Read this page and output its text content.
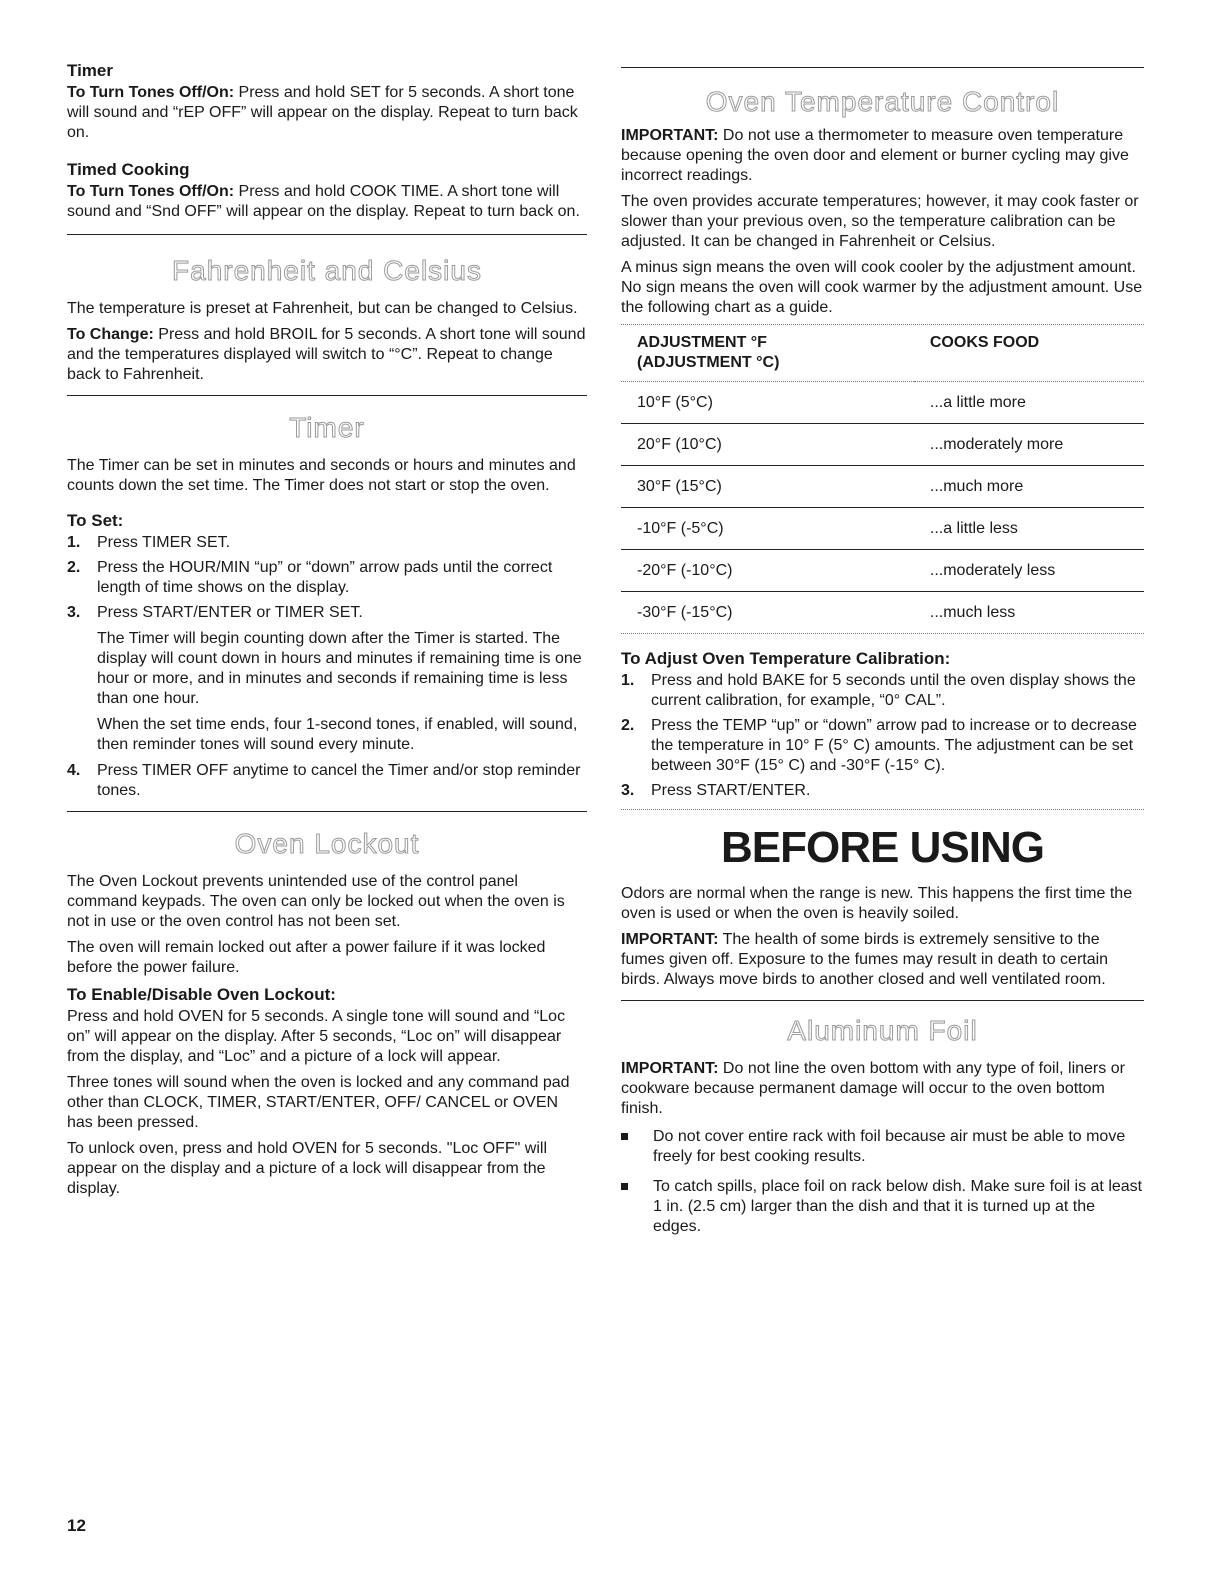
Timer

To Turn Tones Off/On: Press and hold SET for 5 seconds. A short tone will sound and “rEP OFF” will appear on the display. Repeat to turn back on.

Timed Cooking

To Turn Tones Off/On: Press and hold COOK TIME. A short tone will sound and “Snd OFF” will appear on the display. Repeat to turn back on.

Fahrenheit and Celsius

The temperature is preset at Fahrenheit, but can be changed to Celsius.

To Change: Press and hold BROIL for 5 seconds. A short tone will sound and the temperatures displayed will switch to “°C”. Repeat to change back to Fahrenheit.

Timer

The Timer can be set in minutes and seconds or hours and minutes and counts down the set time. The Timer does not start or stop the oven.

To Set:
1. Press TIMER SET.
2. Press the HOUR/MIN “up” or “down” arrow pads until the correct length of time shows on the display.
3. Press START/ENTER or TIMER SET.

The Timer will begin counting down after the Timer is started. The display will count down in hours and minutes if remaining time is one hour or more, and in minutes and seconds if remaining time is less than one hour.

When the set time ends, four 1-second tones, if enabled, will sound, then reminder tones will sound every minute.

4. Press TIMER OFF anytime to cancel the Timer and/or stop reminder tones.
Oven Lockout

The Oven Lockout prevents unintended use of the control panel command keypads. The oven can only be locked out when the oven is not in use or the oven control has not been set.

The oven will remain locked out after a power failure if it was locked before the power failure.

To Enable/Disable Oven Lockout:

Press and hold OVEN for 5 seconds. A single tone will sound and “Loc on” will appear on the display. After 5 seconds, “Loc on” will disappear from the display, and “Loc” and a picture of a lock will appear.

Three tones will sound when the oven is locked and any command pad other than CLOCK, TIMER, START/ENTER, OFF/ CANCEL or OVEN has been pressed.

To unlock oven, press and hold OVEN for 5 seconds. "Loc OFF" will appear on the display and a picture of a lock will disappear from the display.

Oven Temperature Control

IMPORTANT: Do not use a thermometer to measure oven temperature because opening the oven door and element or burner cycling may give incorrect readings.

The oven provides accurate temperatures; however, it may cook faster or slower than your previous oven, so the temperature calibration can be adjusted. It can be changed in Fahrenheit or Celsius.

A minus sign means the oven will cook cooler by the adjustment amount. No sign means the oven will cook warmer by the adjustment amount. Use the following chart as a guide.

ADJUSTMENT °F
(ADJUSTMENT °C)	COOKS FOOD
10°F (5°C)	...a little more
20°F (10°C)	...moderately more
30°F (15°C)	...much more
-10°F (-5°C)	...a little less
-20°F (-10°C)	...moderately less
-30°F (-15°C)	...much less
To Adjust Oven Temperature Calibration:
1. Press and hold BAKE for 5 seconds until the oven display shows the current calibration, for example, “0° CAL”.
2. Press the TEMP “up” or “down” arrow pad to increase or to decrease the temperature in 10° F (5° C) amounts. The adjustment can be set between 30°F (15° C) and -30°F (-15° C).
3. Press START/ENTER.
BEFORE USING

Odors are normal when the range is new. This happens the first time the oven is used or when the oven is heavily soiled.

IMPORTANT: The health of some birds is extremely sensitive to the fumes given off. Exposure to the fumes may result in death to certain birds. Always move birds to another closed and well ventilated room.

Aluminum Foil

IMPORTANT: Do not line the oven bottom with any type of foil, liners or cookware because permanent damage will occur to the oven bottom finish.

Do not cover entire rack with foil because air must be able to move freely for best cooking results.
To catch spills, place foil on rack below dish. Make sure foil is at least 1 in. (2.5 cm) larger than the dish and that it is turned up at the edges.
12
